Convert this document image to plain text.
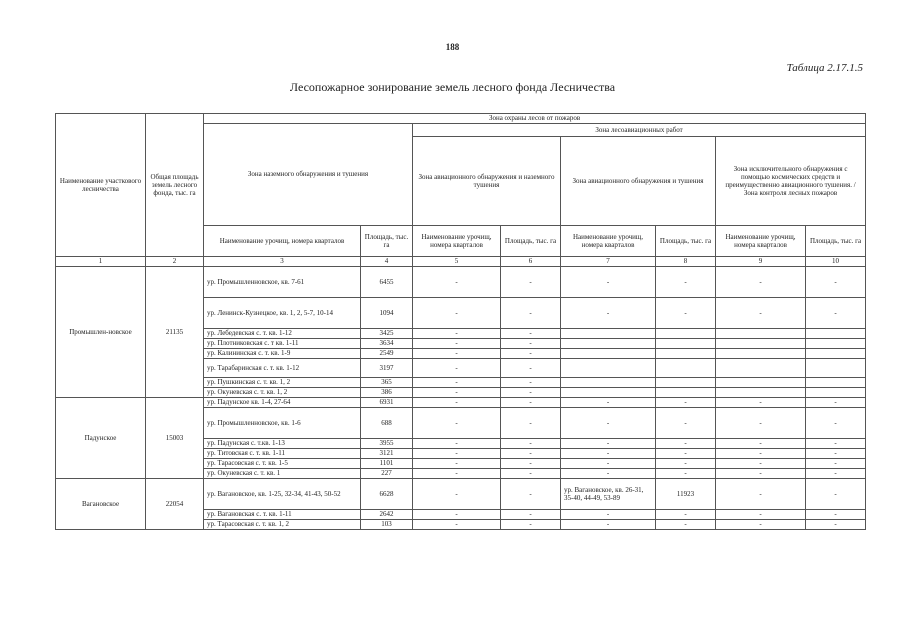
188
Таблица 2.17.1.5
Лесопожарное зонирование земель лесного фонда Лесничества
Наименование участкового лесничества	Общая площадь земель лесного фонда, тыс. га	Зона охраны лесов от пожаров							
		Зона наземного обнаружения и тушения		Зона лесоавиационных работ					
				Зона авиационного обнаружения и наземного тушения		Зона авиационного обнаружения и тушения		Зона исключительного обнаружения с помощью космических средств и преимущественно авиационного тушения. / Зона контроля лесных пожаров	
		Наименование урочищ, номера кварталов	Площадь, тыс. га	Наименование урочищ, номера кварталов	Площадь, тыс. га	Наименование урочищ, номера кварталов	Площадь, тыс. га	Наименование урочищ, номера кварталов	Площадь, тыс. га
1	2	3	4	5	6	7	8	9	10
Промышлен-новское	21135	ур. Промышленновское, кв. 7-61	6455	-	-	-	-	-	-
		ур. Ленинск-Кузнецкое, кв. 1, 2, 5-7, 10-14	1094	-	-	-	-	-	-
		ур. Лебедевская с. т. кв. 1-12	3425	-	-				
		ур. Плотниковская с. т кв. 1-11	3634	-	-				
		ур. Калининская с. т. кв. 1-9	2549	-	-				
		ур. Тарабаринская с. т. кв. 1-12	3197	-	-				
		ур. Пушкинская с. т. кв. 1, 2	365	-	-				
		ур. Окуневская с. т. кв. 1, 2	386	-	-				
Падунское	15003	ур. Падунское кв. 1-4, 27-64	6931	-	-	-	-	-	-
		ур. Промышленновское, кв. 1-6	688	-	-	-	-	-	-
		ур. Падунская с. т.кв. 1-13	3955	-	-	-	-	-	-
		ур. Титовская с. т. кв. 1-11	3121	-	-	-	-	-	-
		ур. Тарасовская с. т. кв. 1-5	1101	-	-	-	-	-	-
		ур. Окуневская с. т. кв. 1	227	-	-	-	-	-	-
Вагановское	22054	ур. Вагановское, кв. 1-25, 32-34, 41-43, 50-52	6628	-	-	ур. Вагановское, кв. 26-31, 35-40, 44-49, 53-89	11923	-	-
		ур. Вагановская с. т. кв. 1-11	2642	-	-	-	-	-	-
		ур. Тарасовская с. т. кв. 1, 2	103	-	-	-	-	-	-
